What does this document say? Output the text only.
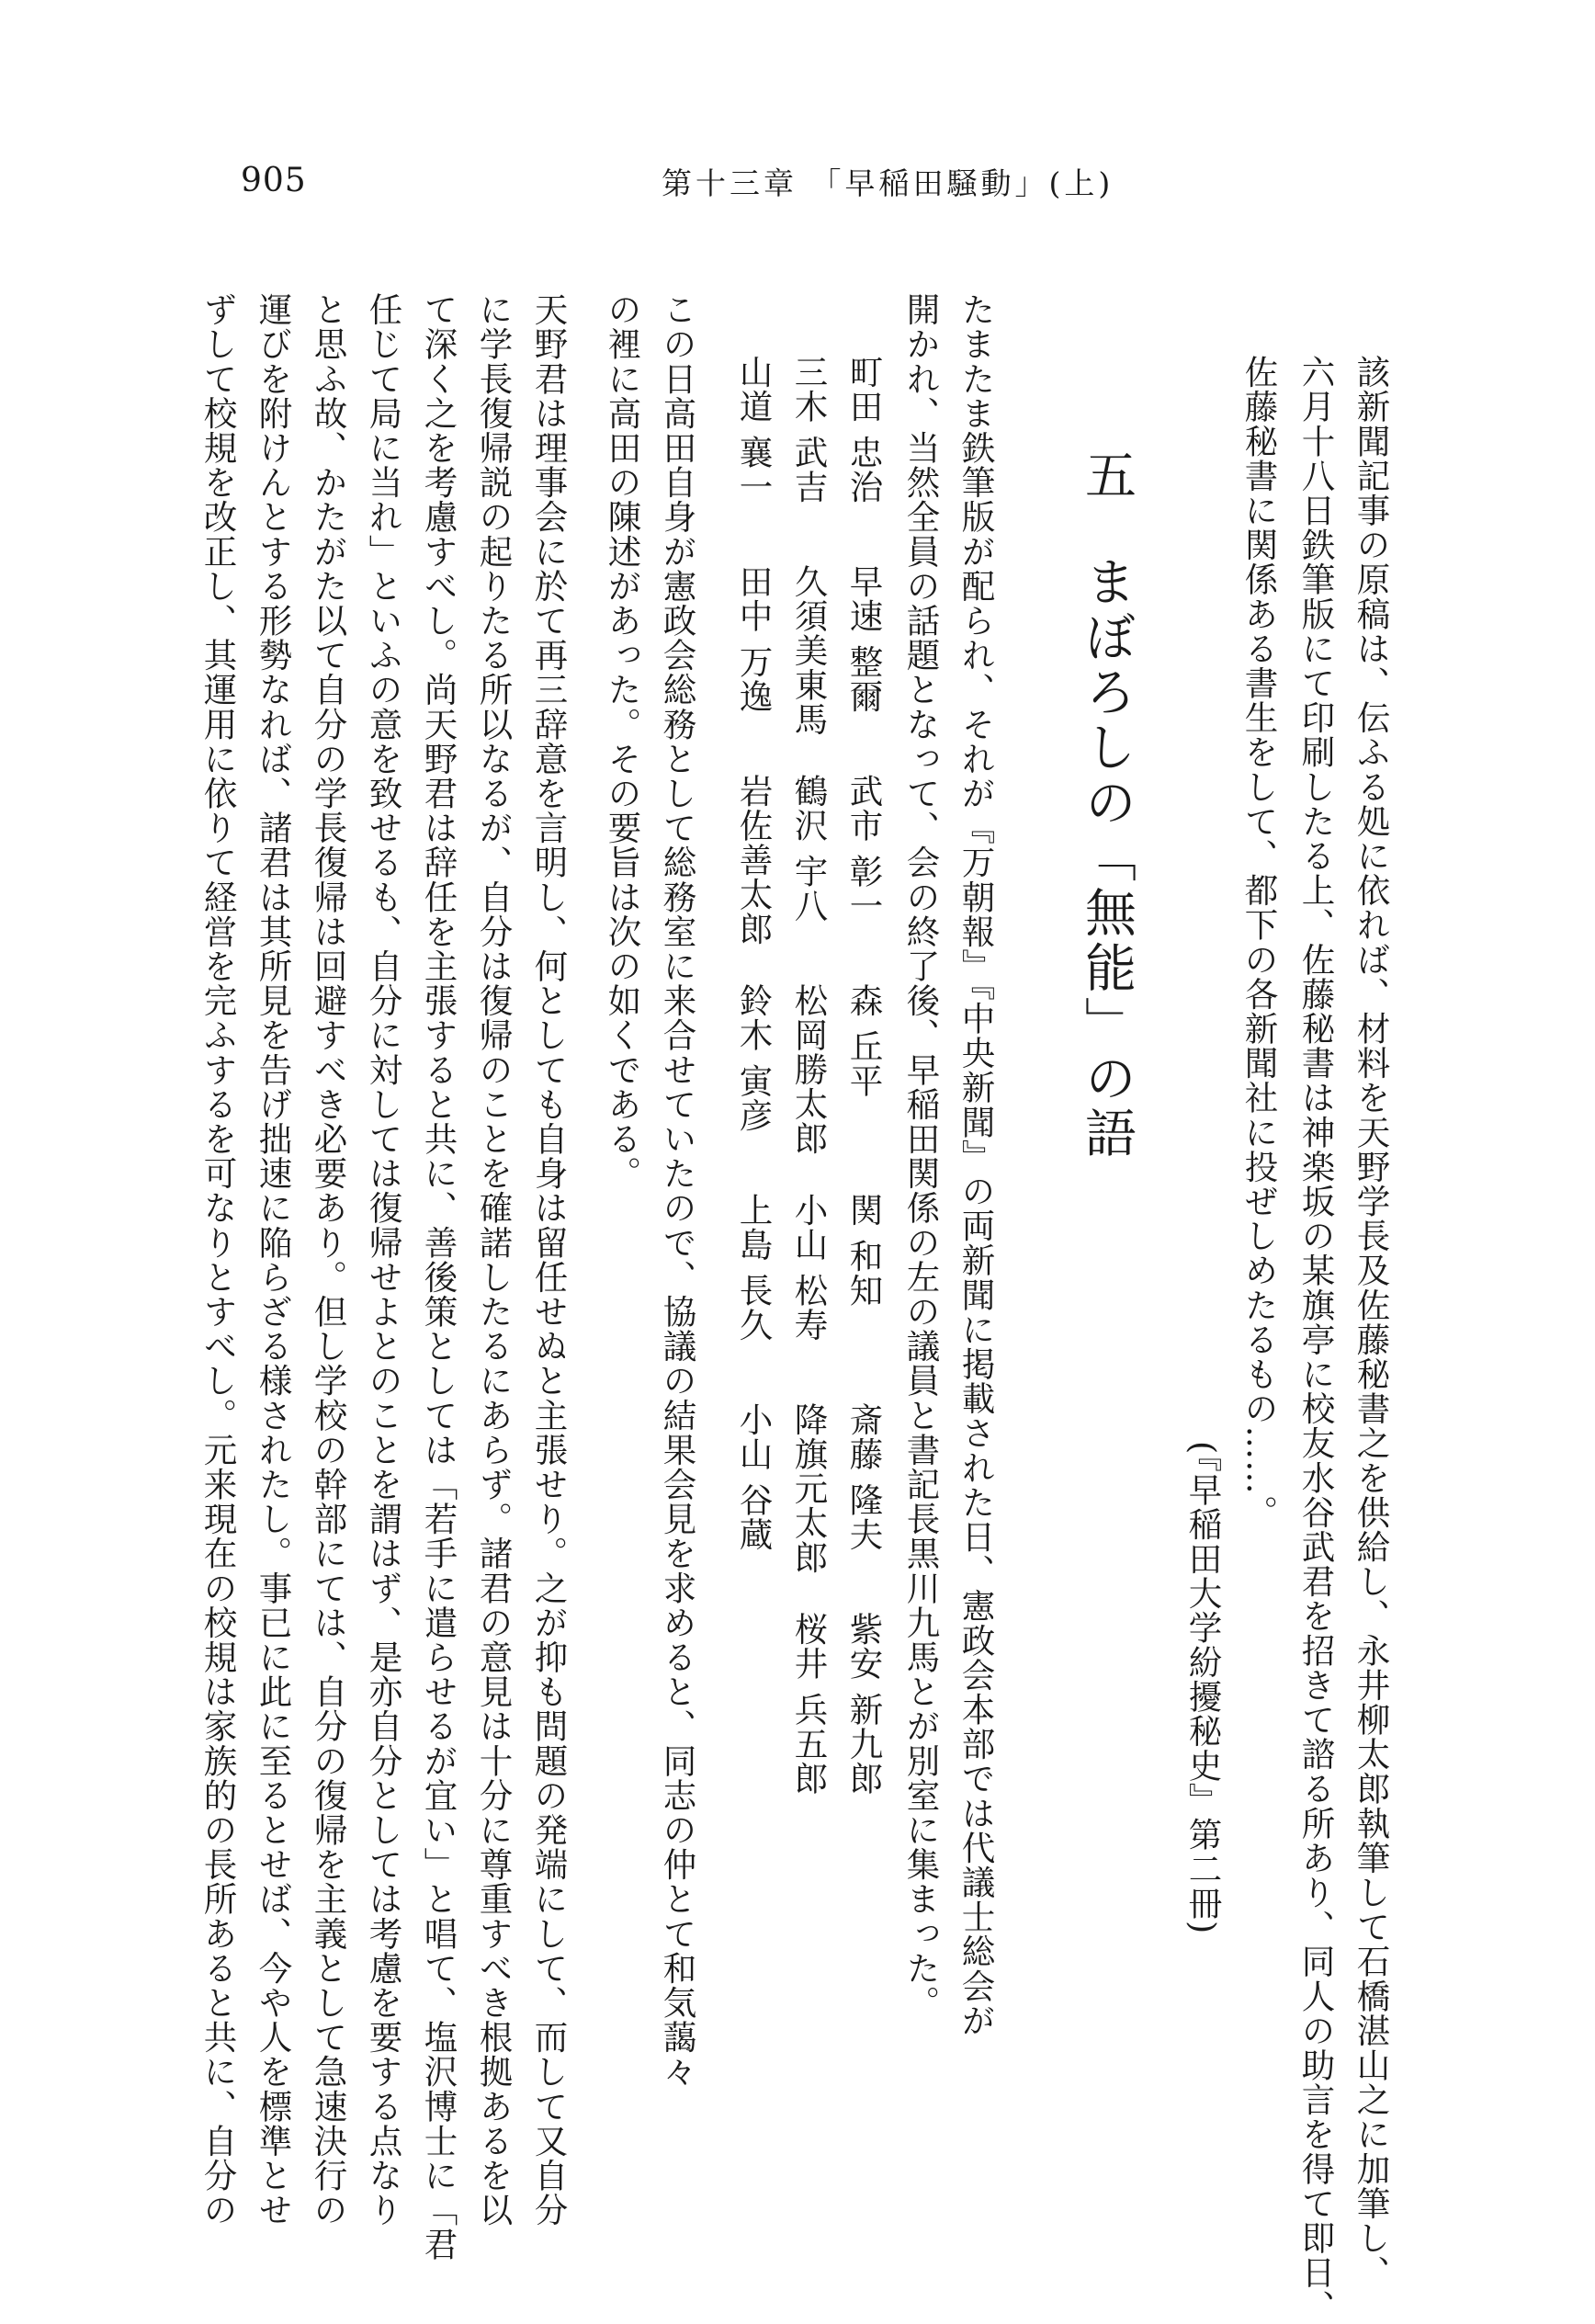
905	第十三章 「早稲田騒動」(上)
該新聞記事の原稿は、伝ふる処に依れば、材料を天野学長及佐藤秘書之を供給し、永井柳太郎執筆して石橋湛山之に加筆し、
六月十八日鉄筆版にて印刷したる上、佐藤秘書は神楽坂の某旗亭に校友水谷武君を招きて諮る所あり、同人の助言を得て即日、
佐藤秘書に関係ある書生をして、都下の各新聞社に投ぜしめたるもの……。
(『早稲田大学紛擾秘史』第二冊)
五まぼろしの「無能」の語
たまたま鉄筆版が配られ、それが『万朝報』『中央新聞』の両新聞に掲載された日、憲政会本部では代議士総会が
開かれ、当然全員の話題となって、会の終了後、早稲田関係の左の議員と書記長黒川九馬とが別室に集まった。
町田 忠治早速 整爾武市 彰一森 丘平関 和知斎藤 隆夫紫安 新九郎
三木 武吉久須美東馬鶴沢 宇八松岡勝太郎小山 松寿降旗元太郎桜井 兵五郎
山道 襄一田中 万逸岩佐善太郎鈴木 寅彦上島 長久小山 谷蔵
この日高田自身が憲政会総務として総務室に来合せていたので、協議の結果会見を求めると、同志の仲とて和気藹々
の裡に高田の陳述があった。その要旨は次の如くである。
天野君は理事会に於て再三辞意を言明し、何としても自身は留任せぬと主張せり。之が抑も問題の発端にして、而して又自分
に学長復帰説の起りたる所以なるが、自分は復帰のことを確諾したるにあらず。諸君の意見は十分に尊重すべき根拠あるを以
て深く之を考慮すべし。尚天野君は辞任を主張すると共に、善後策としては「若手に遣らせるが宜い」と唱て、塩沢博士に「君
任じて局に当れ」といふの意を致せるも、自分に対しては復帰せよとのことを謂はず、是亦自分としては考慮を要する点なり
と思ふ故、かたがた以て自分の学長復帰は回避すべき必要あり。但し学校の幹部にては、自分の復帰を主義として急速決行の
運びを附けんとする形勢なれば、諸君は其所見を告げ拙速に陥らざる様されたし。事已に此に至るとせば、今や人を標準とせ
ずして校規を改正し、其運用に依りて経営を完ふするを可なりとすべし。元来現在の校規は家族的の長所あると共に、自分の
